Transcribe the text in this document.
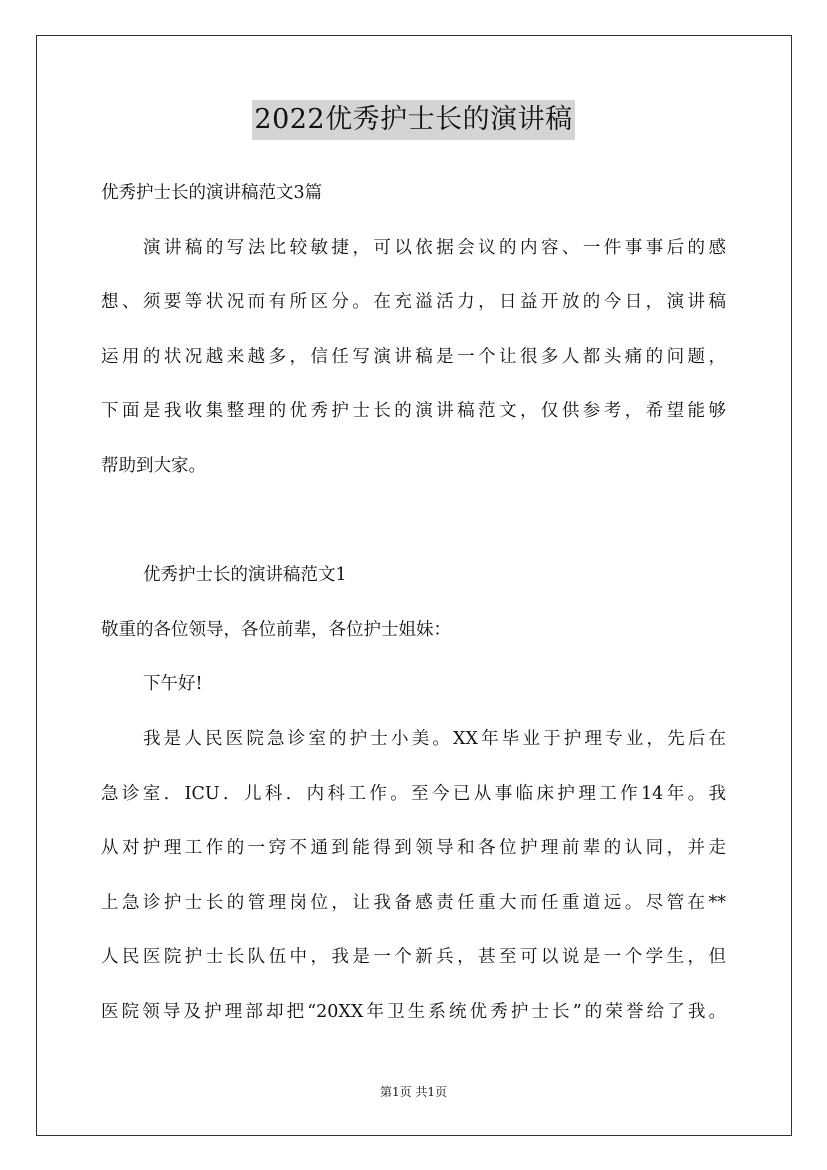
2022优秀护士长的演讲稿
优秀护士长的演讲稿范文3篇
演讲稿的写法比较敏捷，可以依据会议的内容、一件事事后的感
想、须要等状况而有所区分。在充溢活力，日益开放的今日，演讲稿
运用的状况越来越多，信任写演讲稿是一个让很多人都头痛的问题，
下面是我收集整理的优秀护士长的演讲稿范文，仅供参考，希望能够
帮助到大家。
优秀护士长的演讲稿范文1
敬重的各位领导，各位前辈，各位护士姐妹：
下午好!
我是人民医院急诊室的护士小美。XX年毕业于护理专业，先后在
急诊室．ICU．儿科．内科工作。至今已从事临床护理工作14年。我
从对护理工作的一窍不通到能得到领导和各位护理前辈的认同，并走
上急诊护士长的管理岗位，让我备感责任重大而任重道远。尽管在**
人民医院护士长队伍中，我是一个新兵，甚至可以说是一个学生，但
医院领导及护理部却把“20XX年卫生系统优秀护士长”的荣誉给了我。
第1页 共1页
